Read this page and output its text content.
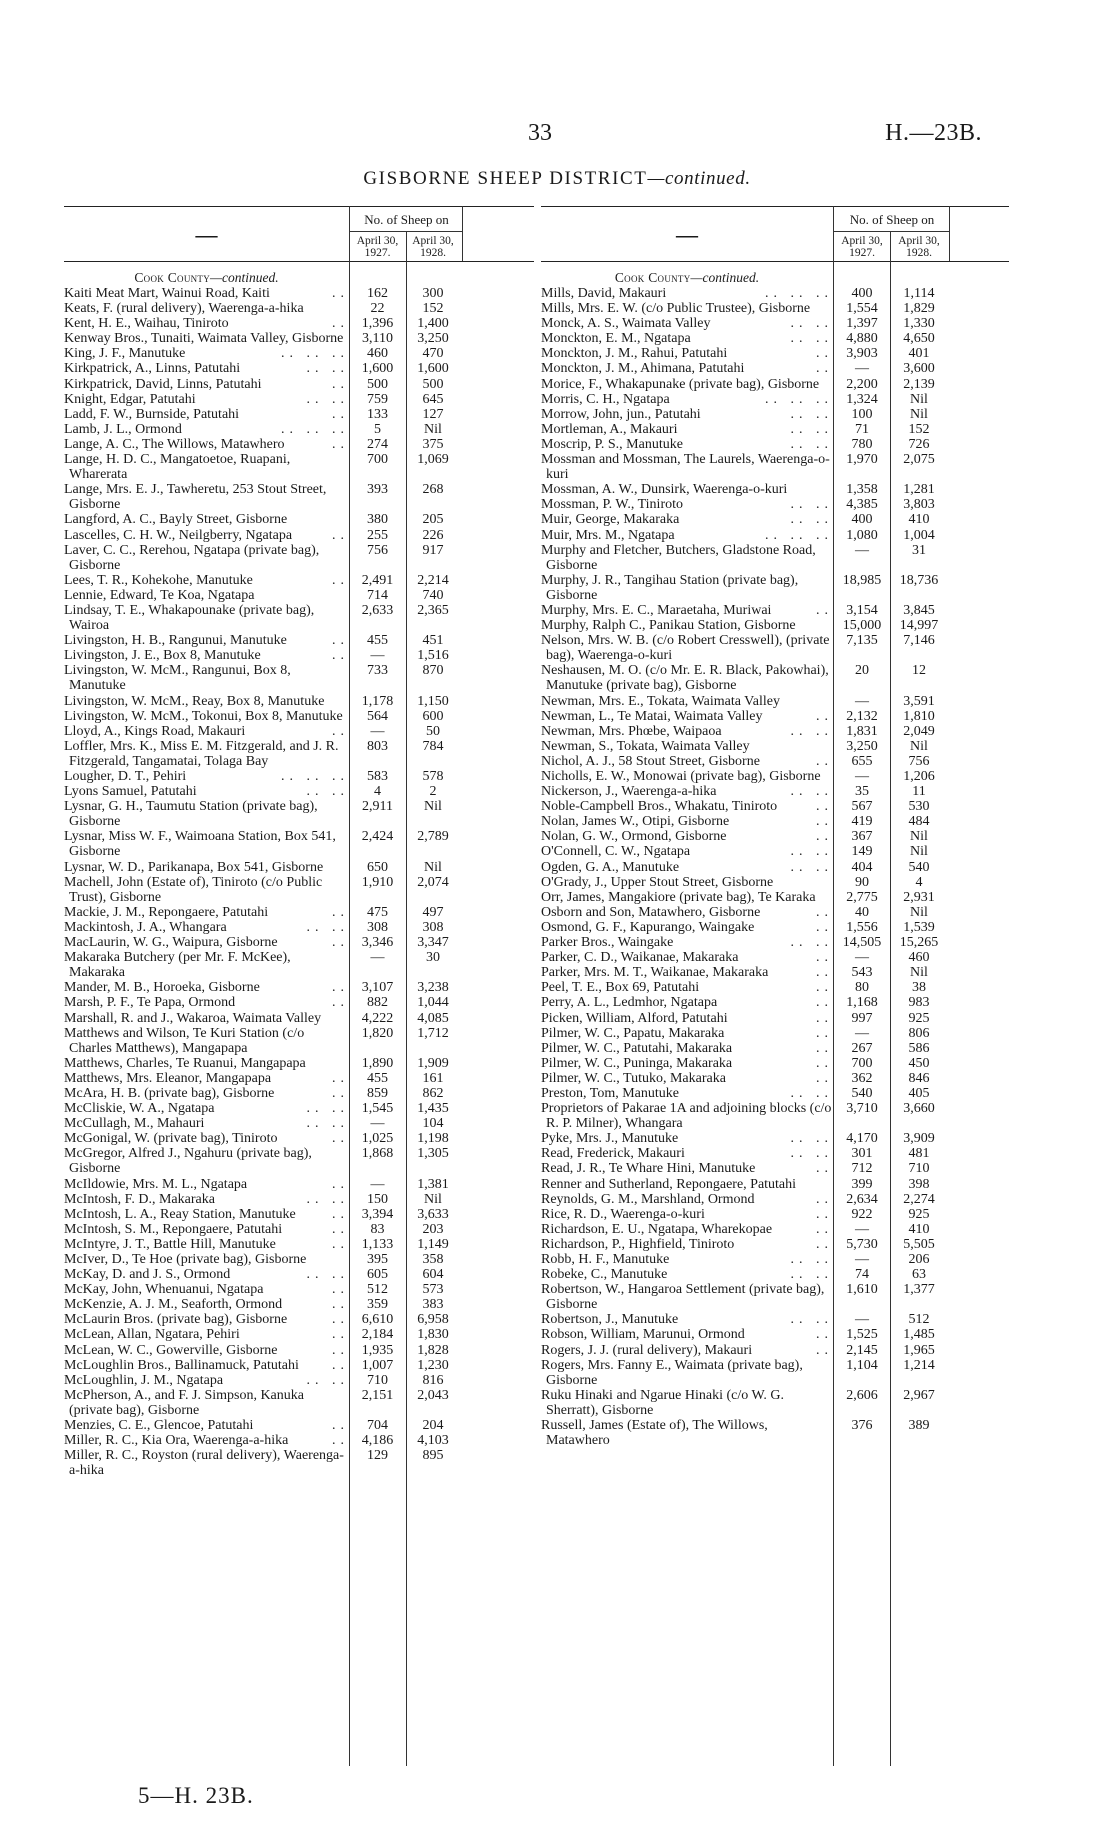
33	H.—23B.
GISBORNE SHEEP DISTRICT—continued.
—
No. of Sheep on
April 30, 1927.
April 30, 1928.
Cook County—continued.
..
Kaiti Meat Mart, Wainui Road, Kaiti	162	300
Keats, F. (rural delivery), Waerenga-a-hika	22	152
..
Kent, H. E., Waihau, Tiniroto	1,396	1,400
Kenway Bros., Tunaiti, Waimata Valley, Gisborne	3,110	3,250
.. .. ..
King, J. F., Manutuke	460	470
.. ..
Kirkpatrick, A., Linns, Patutahi	1,600	1,600
..
Kirkpatrick, David, Linns, Patutahi	500	500
.. ..
Knight, Edgar, Patutahi	759	645
..
Ladd, F. W., Burnside, Patutahi	133	127
.. .. ..
Lamb, J. L., Ormond	5	Nil
..
Lange, A. C., The Willows, Matawhero	274	375
Lange, H. D. C., Mangatoetoe, Ruapani, Wharerata
700	1,069
Lange, Mrs. E. J., Tawheretu, 253 Stout Street, Gisborne
393	268
Langford, A. C., Bayly Street, Gisborne	380	205
..
Lascelles, C. H. W., Neilgberry, Ngatapa	255	226
Laver, C. C., Rerehou, Ngatapa (private bag), Gisborne
756	917
..
Lees, T. R., Kohekohe, Manutuke	2,491	2,214
Lennie, Edward, Te Koa, Ngatapa	714	740
Lindsay, T. E., Whakapounake (private bag), Wairoa
2,633	2,365
..
Livingston, H. B., Rangunui, Manutuke	455	451
..
Livingston, J. E., Box 8, Manutuke	—	1,516
Livingston, W. McM., Rangunui, Box 8, Manutuke
733	870
Livingston, W. McM., Reay, Box 8, Manutuke	1,178	1,150
Livingston, W. McM., Tokonui, Box 8, Manutuke	564	600
..
Lloyd, A., Kings Road, Makauri	—	50
Loffler, Mrs. K., Miss E. M. Fitzgerald, and J. R. Fitzgerald, Tangamatai, Tolaga Bay
803	784
.. .. ..
Lougher, D. T., Pehiri	583	578
.. ..
Lyons Samuel, Patutahi	4	2
Lysnar, G. H., Taumutu Station (private bag), Gisborne
2,911	Nil
Lysnar, Miss W. F., Waimoana Station, Box 541, Gisborne
2,424	2,789
Lysnar, W. D., Parikanapa, Box 541, Gisborne	650	Nil
Machell, John (Estate of), Tiniroto (c/o Public Trust), Gisborne
1,910	2,074
..
Mackie, J. M., Repongaere, Patutahi	475	497
.. ..
Mackintosh, J. A., Whangara	308	308
..
MacLaurin, W. G., Waipura, Gisborne	3,346	3,347
Makaraka Butchery (per Mr. F. McKee), Makaraka
—	30
..
Mander, M. B., Horoeka, Gisborne	3,107	3,238
..
Marsh, P. F., Te Papa, Ormond	882	1,044
Marshall, R. and J., Wakaroa, Waimata Valley	4,222	4,085
Matthews and Wilson, Te Kuri Station (c/o Charles Matthews), Mangapapa
1,820	1,712
Matthews, Charles, Te Ruanui, Mangapapa	1,890	1,909
..
Matthews, Mrs. Eleanor, Mangapapa	455	161
..
McAra, H. B. (private bag), Gisborne	859	862
.. ..
McCliskie, W. A., Ngatapa	1,545	1,435
.. ..
McCullagh, M., Mahauri	—	104
..
McGonigal, W. (private bag), Tiniroto	1,025	1,198
McGregor, Alfred J., Ngahuru (private bag), Gisborne
1,868	1,305
..
McIldowie, Mrs. M. L., Ngatapa	—	1,381
.. ..
McIntosh, F. D., Makaraka	150	Nil
..
McIntosh, L. A., Reay Station, Manutuke	3,394	3,633
..
McIntosh, S. M., Repongaere, Patutahi	83	203
..
McIntyre, J. T., Battle Hill, Manutuke	1,133	1,149
McIver, D., Te Hoe (private bag), Gisborne	395	358
.. ..
McKay, D. and J. S., Ormond	605	604
..
McKay, John, Whenuanui, Ngatapa	512	573
..
McKenzie, A. J. M., Seaforth, Ormond	359	383
..
McLaurin Bros. (private bag), Gisborne	6,610	6,958
..
McLean, Allan, Ngatara, Pehiri	2,184	1,830
..
McLean, W. C., Gowerville, Gisborne	1,935	1,828
..
McLoughlin Bros., Ballinamuck, Patutahi	1,007	1,230
.. ..
McLoughlin, J. M., Ngatapa	710	816
McPherson, A., and F. J. Simpson, Kanuka (private bag), Gisborne
2,151	2,043
..
Menzies, C. E., Glencoe, Patutahi	704	204
..
Miller, R. C., Kia Ora, Waerenga-a-hika	4,186	4,103
Miller, R. C., Royston (rural delivery), Waerenga-a-hika
129	895
—
No. of Sheep on
April 30, 1927.
April 30, 1928.
Cook County—continued.
.. .. ..
Mills, David, Makauri	400	1,114
Mills, Mrs. E. W. (c/o Public Trustee), Gisborne	1,554	1,829
.. ..
Monck, A. S., Waimata Valley	1,397	1,330
.. ..
Monckton, E. M., Ngatapa	4,880	4,650
..
Monckton, J. M., Rahui, Patutahi	3,903	401
..
Monckton, J. M., Ahimana, Patutahi	—	3,600
Morice, F., Whakapunake (private bag), Gisborne	2,200	2,139
.. .. ..
Morris, C. H., Ngatapa	1,324	Nil
.. ..
Morrow, John, jun., Patutahi	100	Nil
.. ..
Mortleman, A., Makauri	71	152
.. ..
Moscrip, P. S., Manutuke	780	726
Mossman and Mossman, The Laurels, Waerenga-o-kuri
1,970	2,075
Mossman, A. W., Dunsirk, Waerenga-o-kuri	1,358	1,281
.. ..
Mossman, P. W., Tiniroto	4,385	3,803
.. ..
Muir, George, Makaraka	400	410
.. .. ..
Muir, Mrs. M., Ngatapa	1,080	1,004
Murphy and Fletcher, Butchers, Gladstone Road, Gisborne
—	31
Murphy, J. R., Tangihau Station (private bag), Gisborne
18,985	18,736
..
Murphy, Mrs. E. C., Maraetaha, Muriwai	3,154	3,845
Murphy, Ralph C., Panikau Station, Gisborne	15,000	14,997
Nelson, Mrs. W. B. (c/o Robert Cresswell), (private bag), Waerenga-o-kuri
7,135	7,146
Neshausen, M. O. (c/o Mr. E. R. Black, Pakowhai), Manutuke (private bag), Gisborne
20	12
Newman, Mrs. E., Tokata, Waimata Valley	—	3,591
..
Newman, L., Te Matai, Waimata Valley	2,132	1,810
.. ..
Newman, Mrs. Phœbe, Waipaoa	1,831	2,049
Newman, S., Tokata, Waimata Valley	3,250	Nil
..
Nichol, A. J., 58 Stout Street, Gisborne	655	756
Nicholls, E. W., Monowai (private bag), Gisborne	—	1,206
.. ..
Nickerson, J., Waerenga-a-hika	35	11
..
Noble-Campbell Bros., Whakatu, Tiniroto	567	530
..
Nolan, James W., Otipi, Gisborne	419	484
..
Nolan, G. W., Ormond, Gisborne	367	Nil
.. ..
O'Connell, C. W., Ngatapa	149	Nil
.. ..
Ogden, G. A., Manutuke	404	540
O'Grady, J., Upper Stout Street, Gisborne	90	4
Orr, James, Mangakiore (private bag), Te Karaka	2,775	2,931
..
Osborn and Son, Matawhero, Gisborne	40	Nil
..
Osmond, G. F., Kapurango, Waingake	1,556	1,539
.. ..
Parker Bros., Waingake	14,505	15,265
..
Parker, C. D., Waikanae, Makaraka	—	460
..
Parker, Mrs. M. T., Waikanae, Makaraka	543	Nil
..
Peel, T. E., Box 69, Patutahi	80	38
..
Perry, A. L., Ledmhor, Ngatapa	1,168	983
..
Picken, William, Alford, Patutahi	997	925
..
Pilmer, W. C., Papatu, Makaraka	—	806
..
Pilmer, W. C., Patutahi, Makaraka	267	586
..
Pilmer, W. C., Puninga, Makaraka	700	450
..
Pilmer, W. C., Tutuko, Makaraka	362	846
.. ..
Preston, Tom, Manutuke	540	405
Proprietors of Pakarae 1A and adjoining blocks (c/o R. P. Milner), Whangara
3,710	3,660
.. ..
Pyke, Mrs. J., Manutuke	4,170	3,909
.. ..
Read, Frederick, Makauri	301	481
..
Read, J. R., Te Whare Hini, Manutuke	712	710
Renner and Sutherland, Repongaere, Patutahi	399	398
..
Reynolds, G. M., Marshland, Ormond	2,634	2,274
..
Rice, R. D., Waerenga-o-kuri	922	925
..
Richardson, E. U., Ngatapa, Wharekopae	—	410
..
Richardson, P., Highfield, Tiniroto	5,730	5,505
.. ..
Robb, H. F., Manutuke	—	206
.. ..
Robeke, C., Manutuke	74	63
Robertson, W., Hangaroa Settlement (private bag), Gisborne
1,610	1,377
.. ..
Robertson, J., Manutuke	—	512
..
Robson, William, Marunui, Ormond	1,525	1,485
..
Rogers, J. J. (rural delivery), Makauri	2,145	1,965
Rogers, Mrs. Fanny E., Waimata (private bag), Gisborne
1,104	1,214
Ruku Hinaki and Ngarue Hinaki (c/o W. G. Sherratt), Gisborne
2,606	2,967
Russell, James (Estate of), The Willows, Matawhero
376	389
5—H. 23B.
